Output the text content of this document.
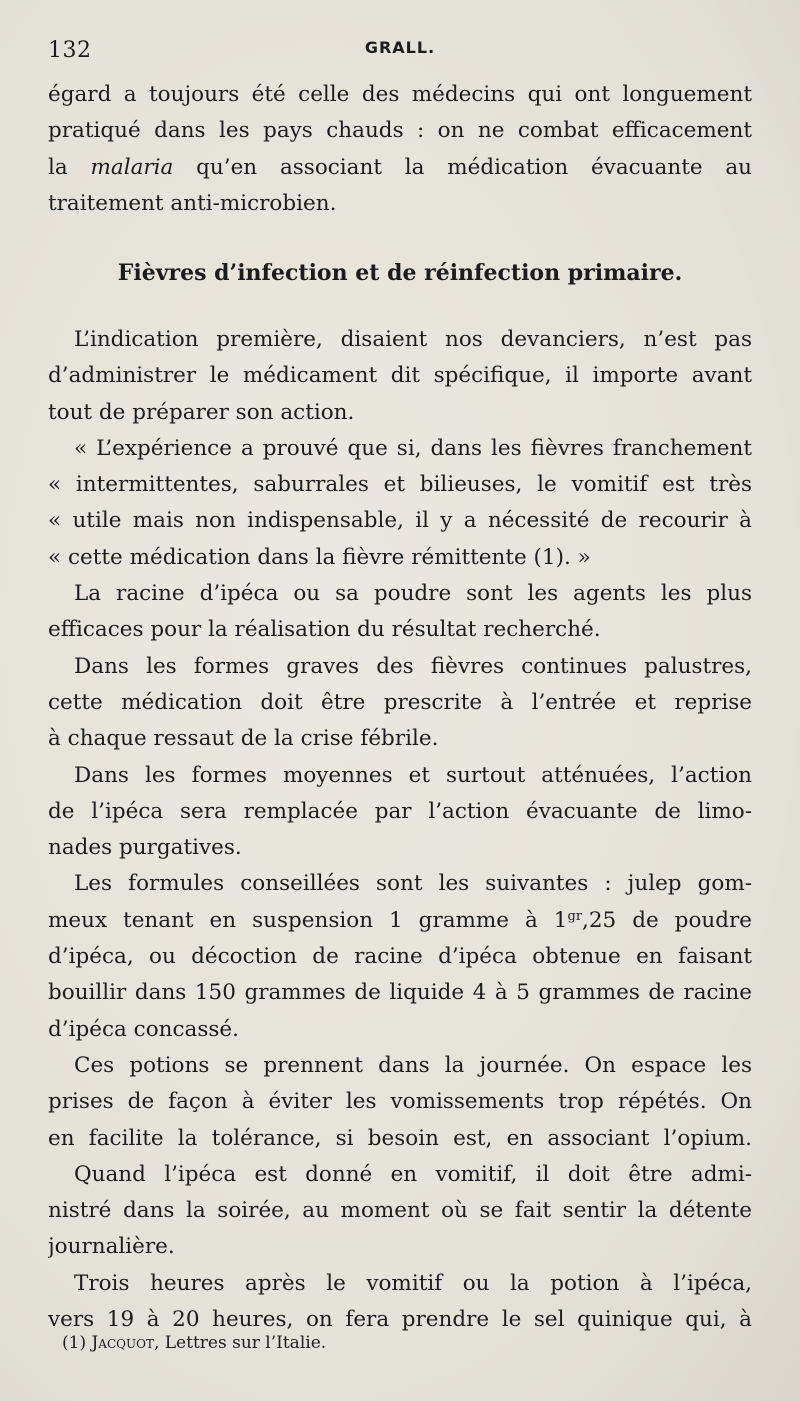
132	GRALL.
égard a toujours été celle des médecins qui ont longuement
pratiqué dans les pays chauds : on ne combat efficacement
la malaria qu’en associant la médication évacuante au
traitement anti-microbien.
Fièvres d’infection et de réinfection primaire.
L’indication première, disaient nos devanciers, n’est pas
d’administrer le médicament dit spécifique, il importe avant
tout de préparer son action.
« L’expérience a prouvé que si, dans les fièvres franchement
« intermittentes, saburrales et bilieuses, le vomitif est très
« utile mais non indispensable, il y a nécessité de recourir à
« cette médication dans la fièvre rémittente (1). »
La racine d’ipéca ou sa poudre sont les agents les plus
efficaces pour la réalisation du résultat recherché.
Dans les formes graves des fièvres continues palustres,
cette médication doit être prescrite à l’entrée et reprise
à chaque ressaut de la crise fébrile.
Dans les formes moyennes et surtout atténuées, l’action
de l’ipéca sera remplacée par l’action évacuante de limo-
nades purgatives.
Les formules conseillées sont les suivantes : julep gom-
meux tenant en suspension 1 gramme à $1^{gr},25$ de poudre
d’ipéca, ou décoction de racine d’ipéca obtenue en faisant
bouillir dans 150 grammes de liquide 4 à 5 grammes de racine
d’ipéca concassé.
Ces potions se prennent dans la journée. On espace les
prises de façon à éviter les vomissements trop répétés. On
en facilite la tolérance, si besoin est, en associant l’opium.
Quand l’ipéca est donné en vomitif, il doit être admi-
nistré dans la soirée, au moment où se fait sentir la détente
journalière.
Trois heures après le vomitif ou la potion à l’ipéca,
vers 19 à 20 heures, on fera prendre le sel quinique qui, à
(1) Jacquot, Lettres sur l’Italie.
